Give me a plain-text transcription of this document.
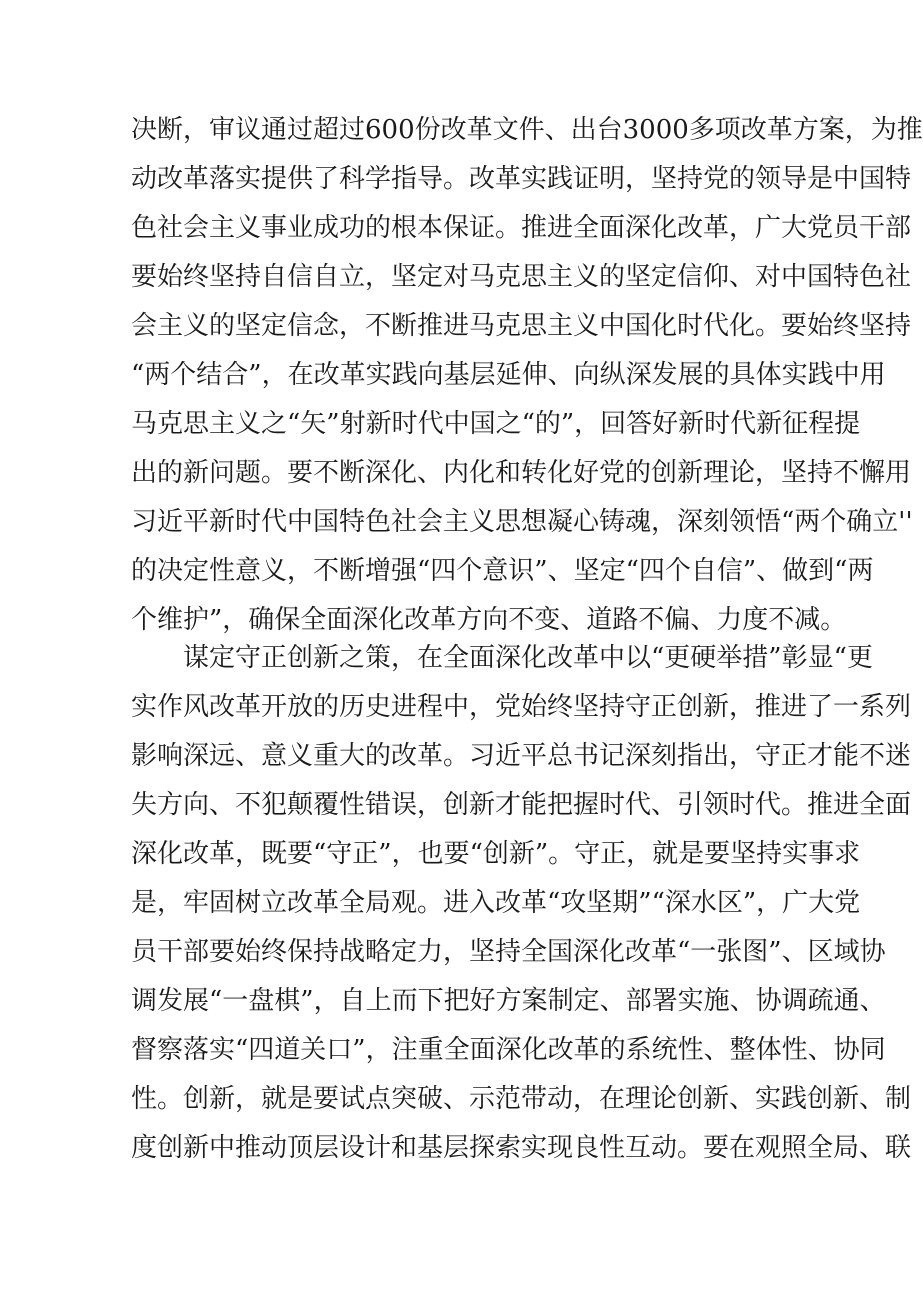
决断，审议通过超过600份改革文件、出台3000多项改革方案，为推
动改革落实提供了科学指导。改革实践证明，坚持党的领导是中国特
色社会主义事业成功的根本保证。推进全面深化改革，广大党员干部
要始终坚持自信自立，坚定对马克思主义的坚定信仰、对中国特色社
会主义的坚定信念，不断推进马克思主义中国化时代化。要始终坚持
“两个结合”，在改革实践向基层延伸、向纵深发展的具体实践中用
马克思主义之“矢”射新时代中国之“的”，回答好新时代新征程提
出的新问题。要不断深化、内化和转化好党的创新理论，坚持不懈用
习近平新时代中国特色社会主义思想凝心铸魂，深刻领悟“两个确立''
的决定性意义，不断增强“四个意识”、坚定“四个自信”、做到“两
个维护”，确保全面深化改革方向不变、道路不偏、力度不减。
谋定守正创新之策，在全面深化改革中以“更硬举措”彰显“更
实作风改革开放的历史进程中，党始终坚持守正创新，推进了一系列
影响深远、意义重大的改革。习近平总书记深刻指出，守正才能不迷
失方向、不犯颠覆性错误，创新才能把握时代、引领时代。推进全面
深化改革，既要“守正”，也要“创新”。守正，就是要坚持实事求
是，牢固树立改革全局观。进入改革“攻坚期”“深水区”，广大党
员干部要始终保持战略定力，坚持全国深化改革“一张图”、区域协
调发展“一盘棋”，自上而下把好方案制定、部署实施、协调疏通、
督察落实“四道关口”，注重全面深化改革的系统性、整体性、协同
性。创新，就是要试点突破、示范带动，在理论创新、实践创新、制
度创新中推动顶层设计和基层探索实现良性互动。要在观照全局、联
